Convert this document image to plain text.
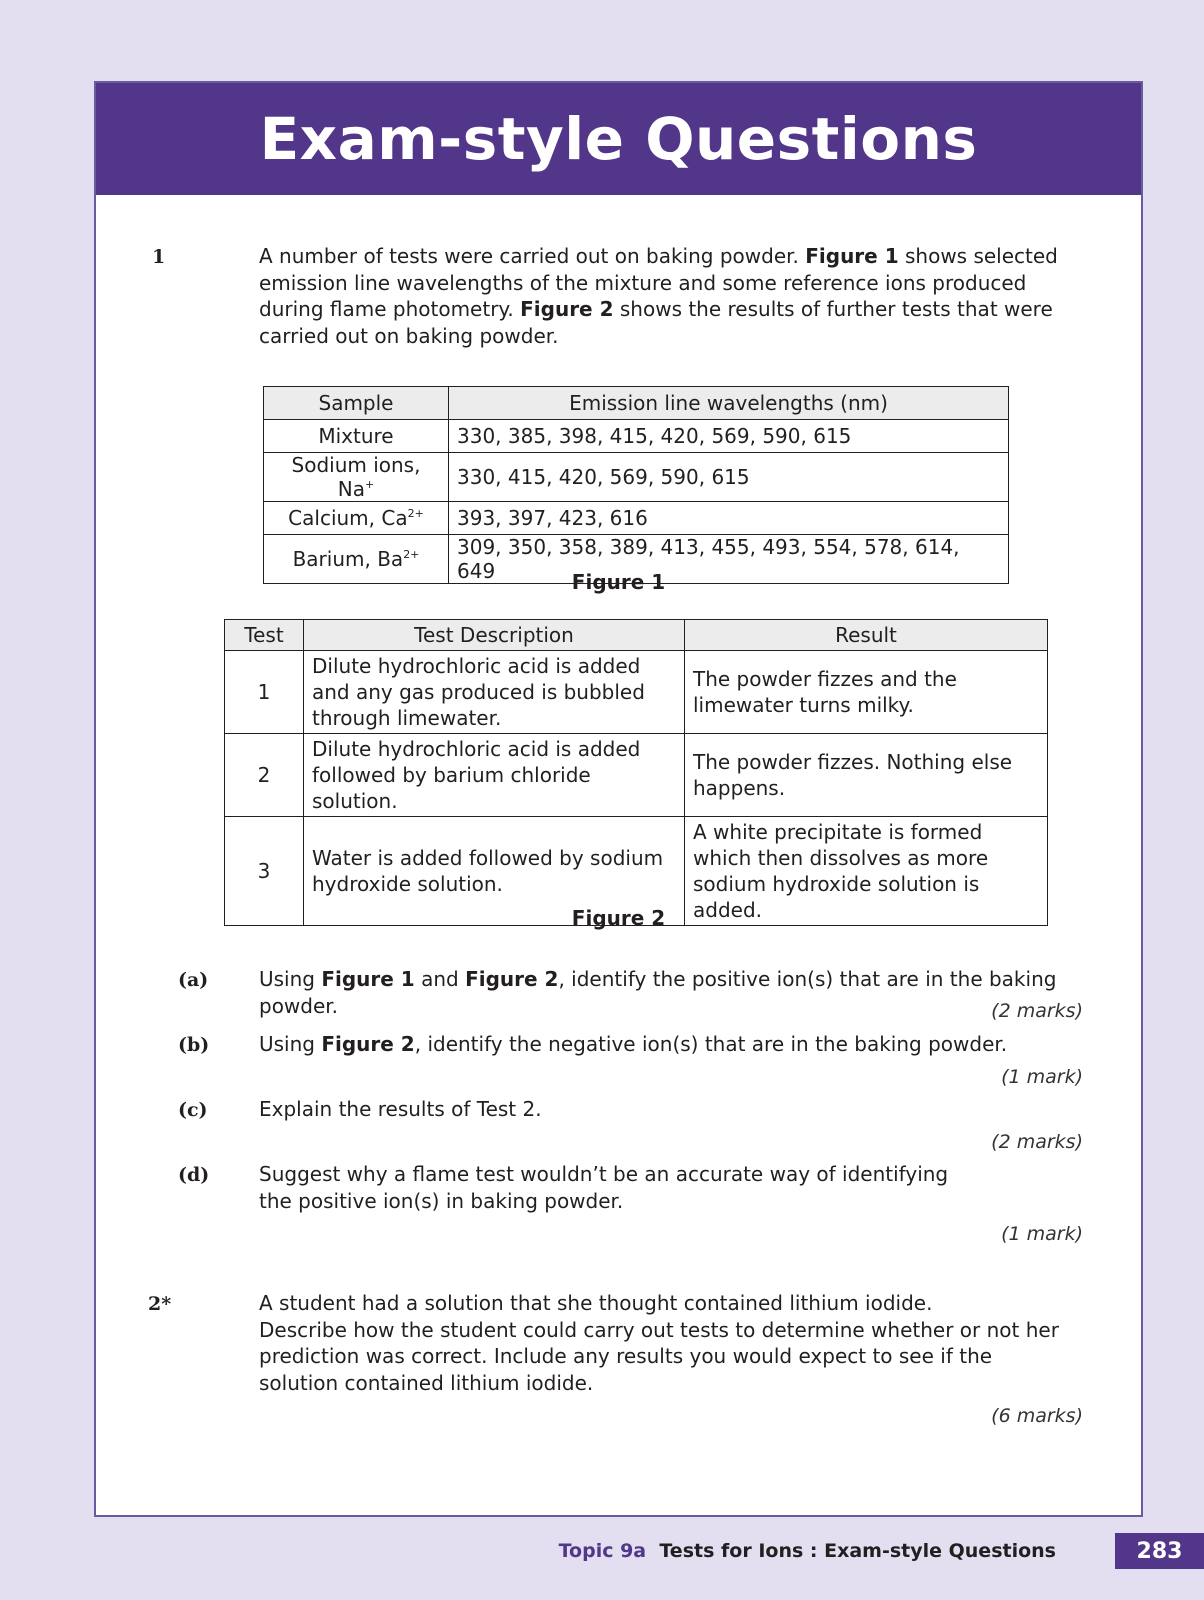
Exam-style Questions
1	A number of tests were carried out on baking powder. Figure 1 shows selected emission line wavelengths of the mixture and some reference ions produced during flame photometry. Figure 2 shows the results of further tests that were carried out on baking powder.
Sample	Emission line wavelengths (nm)
Mixture	330, 385, 398, 415, 420, 569, 590, 615
Sodium ions, Na+	330, 415, 420, 569, 590, 615
Calcium, $Ca^{2+}$	393, 397, 423, 616
Barium, $Ba^{2+}$	309, 350, 358, 389, 413, 455, 493, 554, 578, 614, 649	Figure 1
Test	Test Description	Result
1	Dilute hydrochloric acid is added and any gas produced is bubbled through limewater.	The powder fizzes and the limewater turns milky.
2	Dilute hydrochloric acid is added followed by barium chloride solution.	The powder fizzes. Nothing else happens.
3	Water is added followed by sodium hydroxide solution.	A white precipitate is formed which then dissolves as more sodium hydroxide solution is added.
Figure 2
(a)	Using Figure 1 and Figure 2, identify the positive ion(s) that are in the baking powder.	(2 marks)
(b) Using Figure 2, identify the negative ion(s) that are in the baking powder.
(1 mark)
(c)	Explain the results of Test 2.
(2 marks)
(d) Suggest why a flame test wouldn’t be an accurate way of identifying
the positive ion(s) in baking powder.
(1 mark)
2*	A student had a solution that she thought contained lithium iodide.
Describe how the student could carry out tests to determine whether or not her prediction was correct. Include any results you would expect to see if the solution contained lithium iodide.
(6 marks)
Topic 9a Tests for Ions : Exam-style Questions	283
